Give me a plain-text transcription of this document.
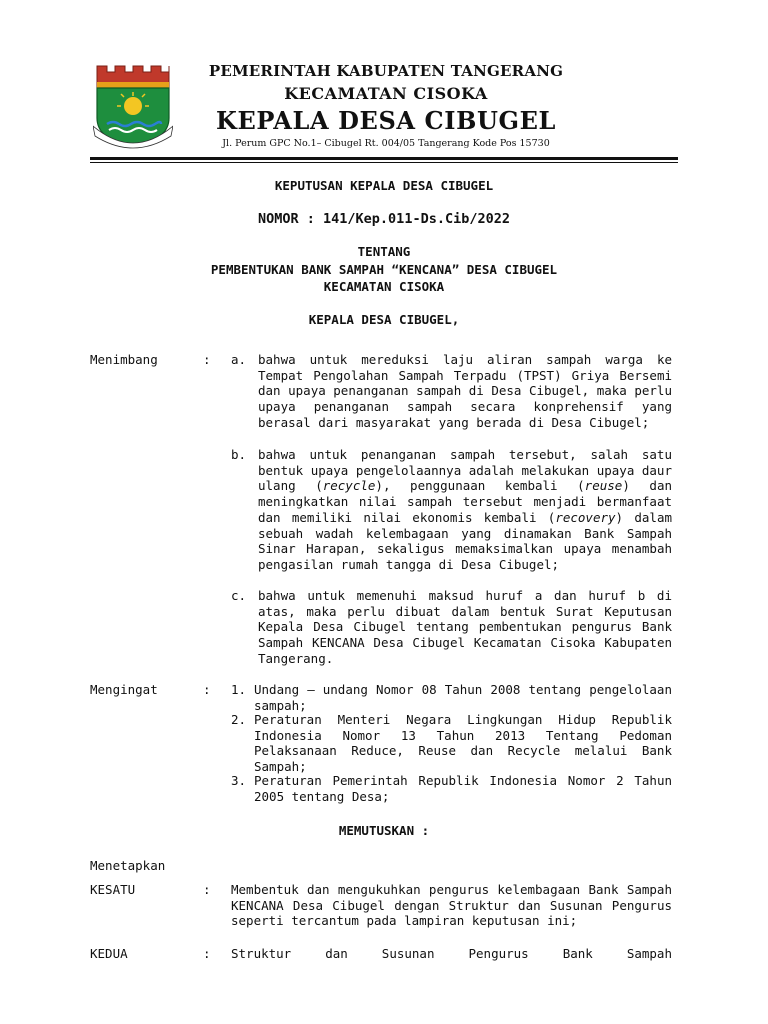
PEMERINTAH KABUPATEN TANGERANG
KECAMATAN CISOKA
KEPALA DESA CIBUGEL
Jl. Perum GPC No.1– Cibugel Rt. 004/05 Tangerang Kode Pos 15730
KEPUTUSAN KEPALA DESA CIBUGEL
NOMOR : 141/Kep.011-Ds.Cib/2022
TENTANG
PEMBENTUKAN BANK SAMPAH “KENCANA” DESA CIBUGEL
KECAMATAN CISOKA
KEPALA DESA CIBUGEL,
Menimbang	: a. bahwa untuk mereduksi laju aliran sampah warga ke Tempat Pengolahan Sampah Terpadu (TPST) Griya Bersemi dan upaya penanganan sampah di Desa Cibugel, maka perlu upaya penanganan sampah secara konprehensif yang berasal dari masyarakat yang berada di Desa Cibugel;
b. bahwa untuk penanganan sampah tersebut, salah satu bentuk upaya pengelolaannya adalah melakukan upaya daur ulang (recycle), penggunaan kembali (reuse) dan meningkatkan nilai sampah tersebut menjadi bermanfaat dan memiliki nilai ekonomis kembali (recovery) dalam sebuah wadah kelembagaan yang dinamakan Bank Sampah Sinar Harapan, sekaligus memaksimalkan upaya menambah pengasilan rumah tangga di Desa Cibugel;
c. bahwa untuk memenuhi maksud huruf a dan huruf b di atas, maka perlu dibuat dalam bentuk Surat Keputusan Kepala Desa Cibugel tentang pembentukan pengurus Bank Sampah KENCANA Desa Cibugel Kecamatan Cisoka Kabupaten Tangerang.
Mengingat	: 1. Undang – undang Nomor 08 Tahun 2008 tentang pengelolaan sampah;
2. Peraturan Menteri Negara Lingkungan Hidup Republik Indonesia Nomor 13 Tahun 2013 Tentang Pedoman Pelaksanaan Reduce, Reuse dan Recycle melalui Bank Sampah;
3. Peraturan Pemerintah Republik Indonesia Nomor 2 Tahun 2005 tentang Desa;
MEMUTUSKAN :
Menetapkan
KESATU	: Membentuk dan mengukuhkan pengurus kelembagaan Bank Sampah KENCANA Desa Cibugel dengan Struktur dan Susunan Pengurus seperti tercantum pada lampiran keputusan ini;
KEDUA	: Struktur dan Susunan Pengurus Bank Sampah
